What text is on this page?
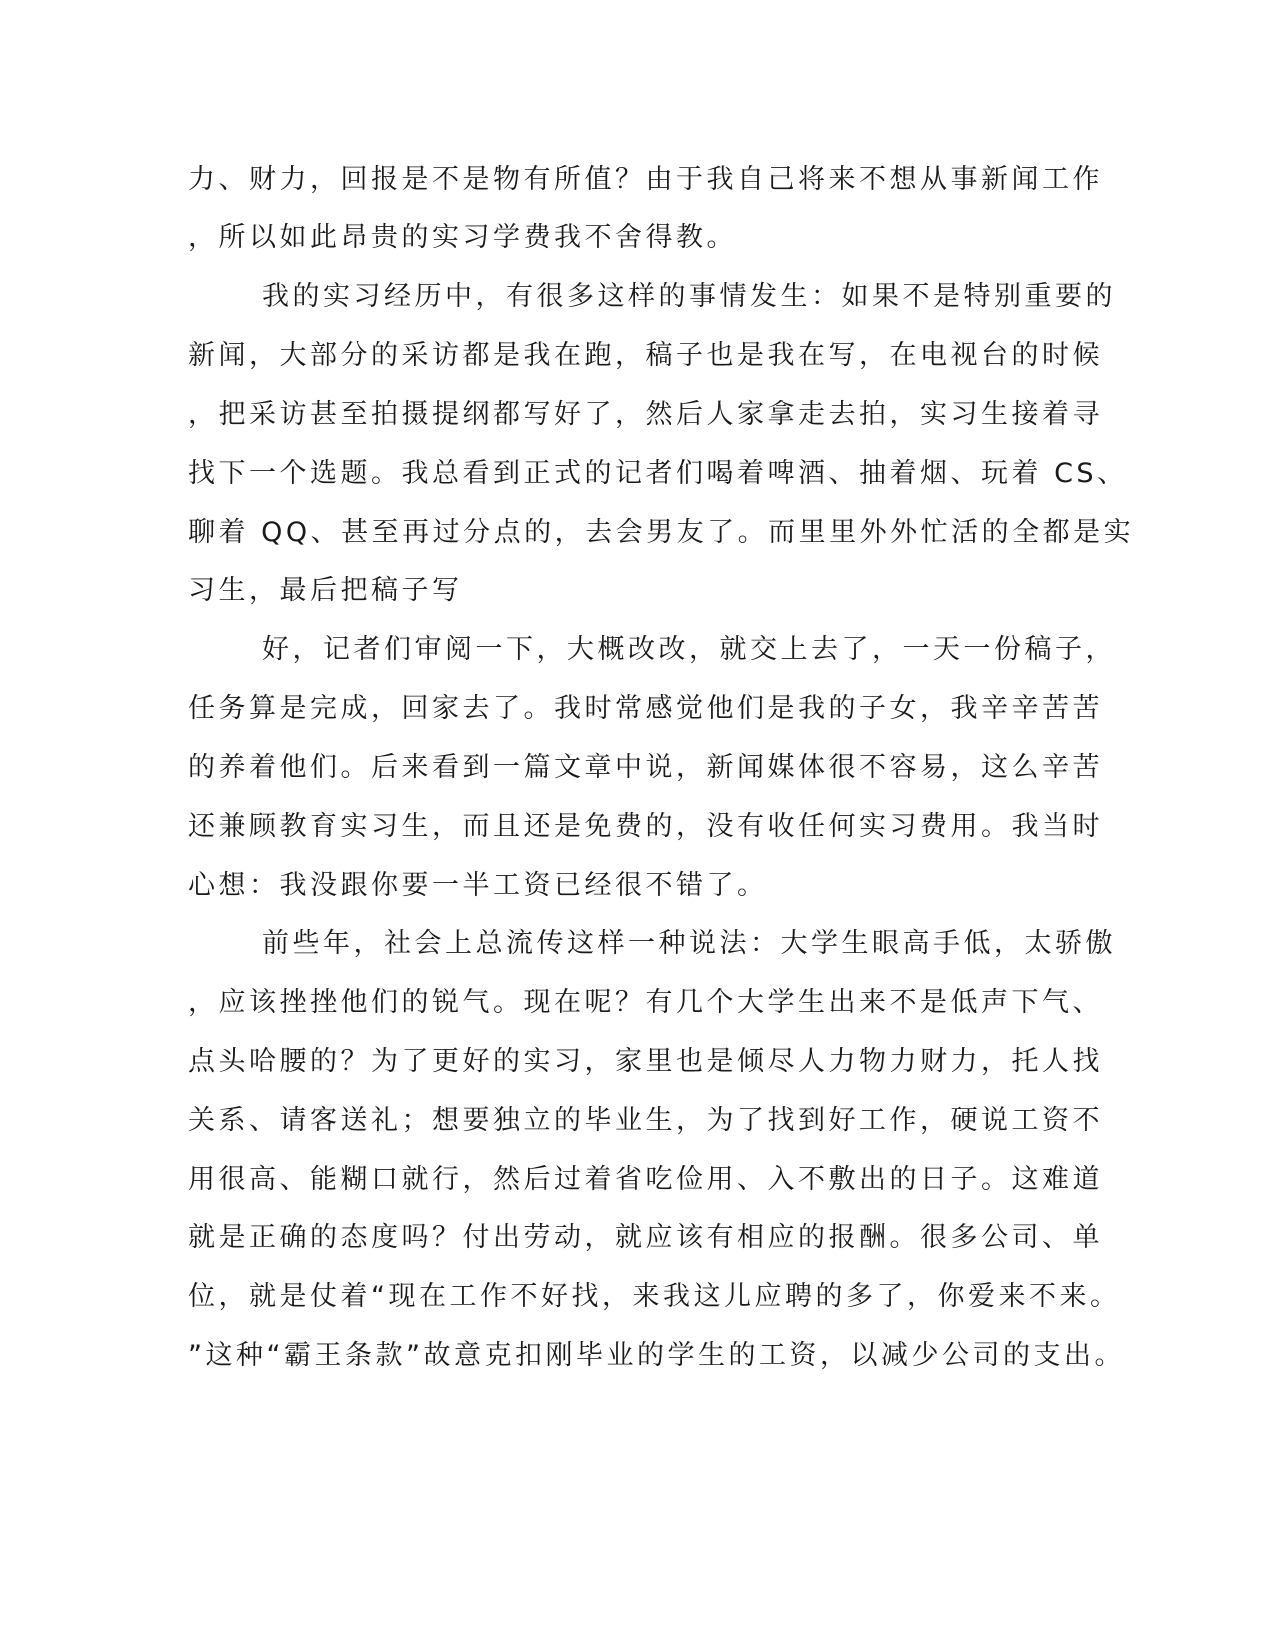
力、财力，回报是不是物有所值？由于我自己将来不想从事新闻工作
，所以如此昂贵的实习学费我不舍得教。
我的实习经历中，有很多这样的事情发生：如果不是特别重要的
新闻，大部分的采访都是我在跑，稿子也是我在写，在电视台的时候
，把采访甚至拍摄提纲都写好了，然后人家拿走去拍，实习生接着寻
找下一个选题。我总看到正式的记者们喝着啤酒、抽着烟、玩着 CS、
聊着 QQ、甚至再过分点的，去会男友了。而里里外外忙活的全都是实
习生，最后把稿子写
好，记者们审阅一下，大概改改，就交上去了，一天一份稿子，
任务算是完成，回家去了。我时常感觉他们是我的子女，我辛辛苦苦
的养着他们。后来看到一篇文章中说，新闻媒体很不容易，这么辛苦
还兼顾教育实习生，而且还是免费的，没有收任何实习费用。我当时
心想：我没跟你要一半工资已经很不错了。
前些年，社会上总流传这样一种说法：大学生眼高手低，太骄傲
，应该挫挫他们的锐气。现在呢？有几个大学生出来不是低声下气、
点头哈腰的？为了更好的实习，家里也是倾尽人力物力财力，托人找
关系、请客送礼；想要独立的毕业生，为了找到好工作，硬说工资不
用很高、能糊口就行，然后过着省吃俭用、入不敷出的日子。这难道
就是正确的态度吗？付出劳动，就应该有相应的报酬。很多公司、单
位，就是仗着“现在工作不好找，来我这儿应聘的多了，你爱来不来。
”这种“霸王条款”故意克扣刚毕业的学生的工资，以减少公司的支出。
